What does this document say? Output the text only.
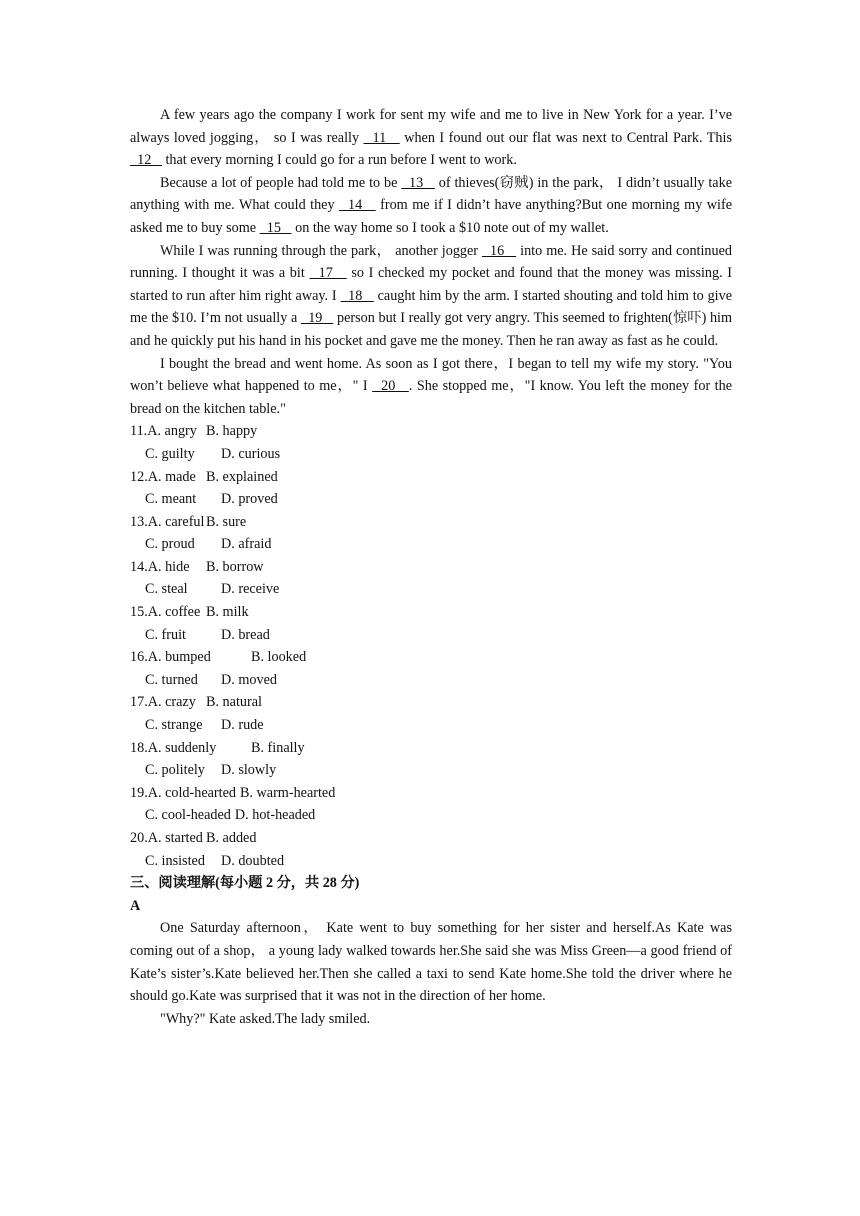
A few years ago the company I work for sent my wife and me to live in New York for a year. I’ve always loved jogging， so I was really   11    when I found out our flat was next to Central Park. This   12    that every morning I could go for a run before I went to work.

Because a lot of people had told me to be   13    of thieves(窃贼) in the park， I didn’t usually take anything with me. What could they   14    from me if I didn’t have anything?But one morning my wife asked me to buy some   15    on the way home so I took a $10 note out of my wallet.

While I was running through the park， another jogger   16    into me. He said sorry and continued running. I thought it was a bit   17    so I checked my pocket and found that the money was missing. I started to run after him right away. I   18    caught him by the arm. I started shouting and told him to give me the $10. I’m not usually a   19    person but I really got very angry. This seemed to frighten(惊吓) him and he quickly put his hand in his pocket and gave me the money. Then he ran away as fast as he could.

I bought the bread and went home. As soon as I got there，I began to tell my wife my story. "You won’t believe what happened to me，" I   20   . She stopped me，"I know. You left the money for the bread on the kitchen table."

11.A. angry B. happy
C. guilty	D. curious
12.A. made B. explained
C. meant	D. proved
13.A. careful B. sure
C. proud	D. afraid
14.A. hide	B. borrow
C. steal	D. receive
15.A. coffee B. milk
C. fruit	D. bread
16.A. bumped	B. looked
C. turned	D. moved
17.A. crazy B. natural
C. strange	D. rude
18.A. suddenly	B. finally
C. politely	D. slowly
19.A. cold-hearted B. warm-hearted
C. cool-headed D. hot-headed
20.A. started B. added
C. insisted	D. doubted

三、阅读理解(每小题 2 分，共 28 分)

A

One Saturday afternoon， Kate went to buy something for her sister and herself.As Kate was coming out of a shop， a young lady walked towards her.She said she was Miss Green—a good friend of Kate’s sister’s.Kate believed her.Then she called a taxi to send Kate home.She told the driver where he should go.Kate was surprised that it was not in the direction of her home.

"Why?" Kate asked.The lady smiled.
